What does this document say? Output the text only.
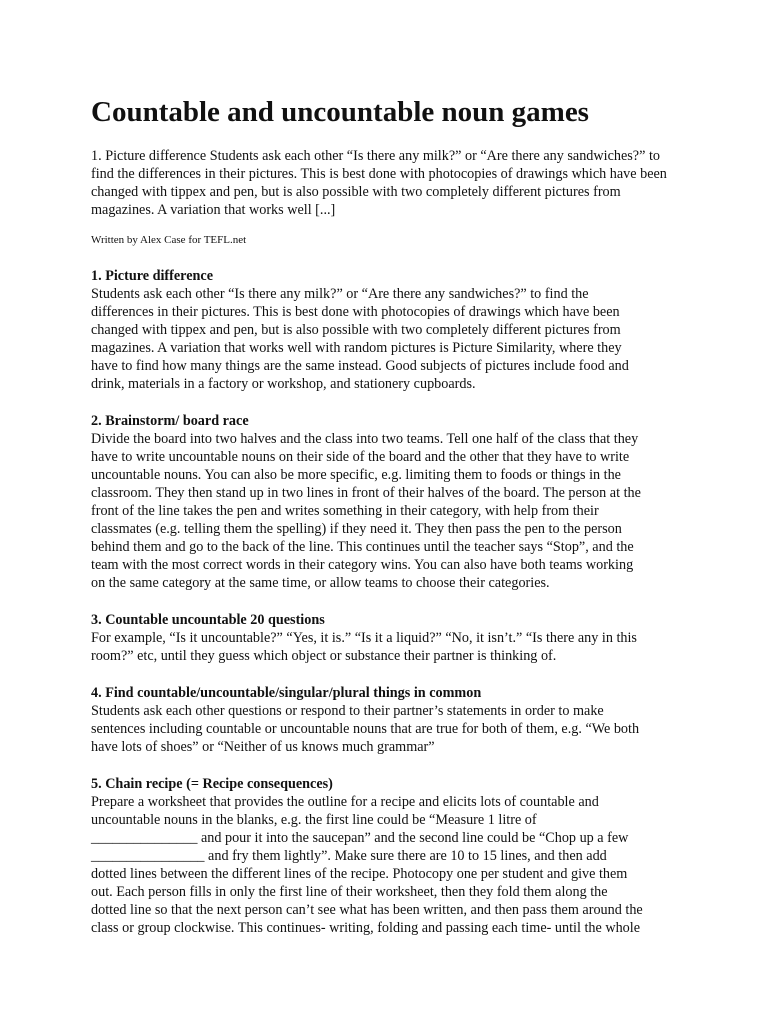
Countable and uncountable noun games

1. Picture difference Students ask each other “Is there any milk?” or “Are there any sandwiches?” to find the differences in their pictures. This is best done with photocopies of drawings which have been changed with tippex and pen, but is also possible with two completely different pictures from magazines. A variation that works well [...]

Written by Alex Case for TEFL.net

1. Picture difference

Students ask each other “Is there any milk?” or “Are there any sandwiches?” to find the
differences in their pictures. This is best done with photocopies of drawings which have been
changed with tippex and pen, but is also possible with two completely different pictures from
magazines. A variation that works well with random pictures is Picture Similarity, where they
have to find how many things are the same instead. Good subjects of pictures include food and
drink, materials in a factory or workshop, and stationery cupboards.

2. Brainstorm/ board race

Divide the board into two halves and the class into two teams. Tell one half of the class that they
have to write uncountable nouns on their side of the board and the other that they have to write
uncountable nouns. You can also be more specific, e.g. limiting them to foods or things in the
classroom. They then stand up in two lines in front of their halves of the board. The person at the
front of the line takes the pen and writes something in their category, with help from their
classmates (e.g. telling them the spelling) if they need it. They then pass the pen to the person
behind them and go to the back of the line. This continues until the teacher says “Stop”, and the
team with the most correct words in their category wins. You can also have both teams working
on the same category at the same time, or allow teams to choose their categories.

3. Countable uncountable 20 questions

For example, “Is it uncountable?” “Yes, it is.” “Is it a liquid?” “No, it isn’t.” “Is there any in this
room?” etc, until they guess which object or substance their partner is thinking of.

4. Find countable/uncountable/singular/plural things in common

Students ask each other questions or respond to their partner’s statements in order to make
sentences including countable or uncountable nouns that are true for both of them, e.g. “We both
have lots of shoes” or “Neither of us knows much grammar”

5. Chain recipe (= Recipe consequences)

Prepare a worksheet that provides the outline for a recipe and elicits lots of countable and
uncountable nouns in the blanks, e.g. the first line could be “Measure 1 litre of
_______________ and pour it into the saucepan” and the second line could be “Chop up a few
________________ and fry them lightly”. Make sure there are 10 to 15 lines, and then add
dotted lines between the different lines of the recipe. Photocopy one per student and give them
out. Each person fills in only the first line of their worksheet, then they fold them along the
dotted line so that the next person can’t see what has been written, and then pass them around the
class or group clockwise. This continues- writing, folding and passing each time- until the whole
